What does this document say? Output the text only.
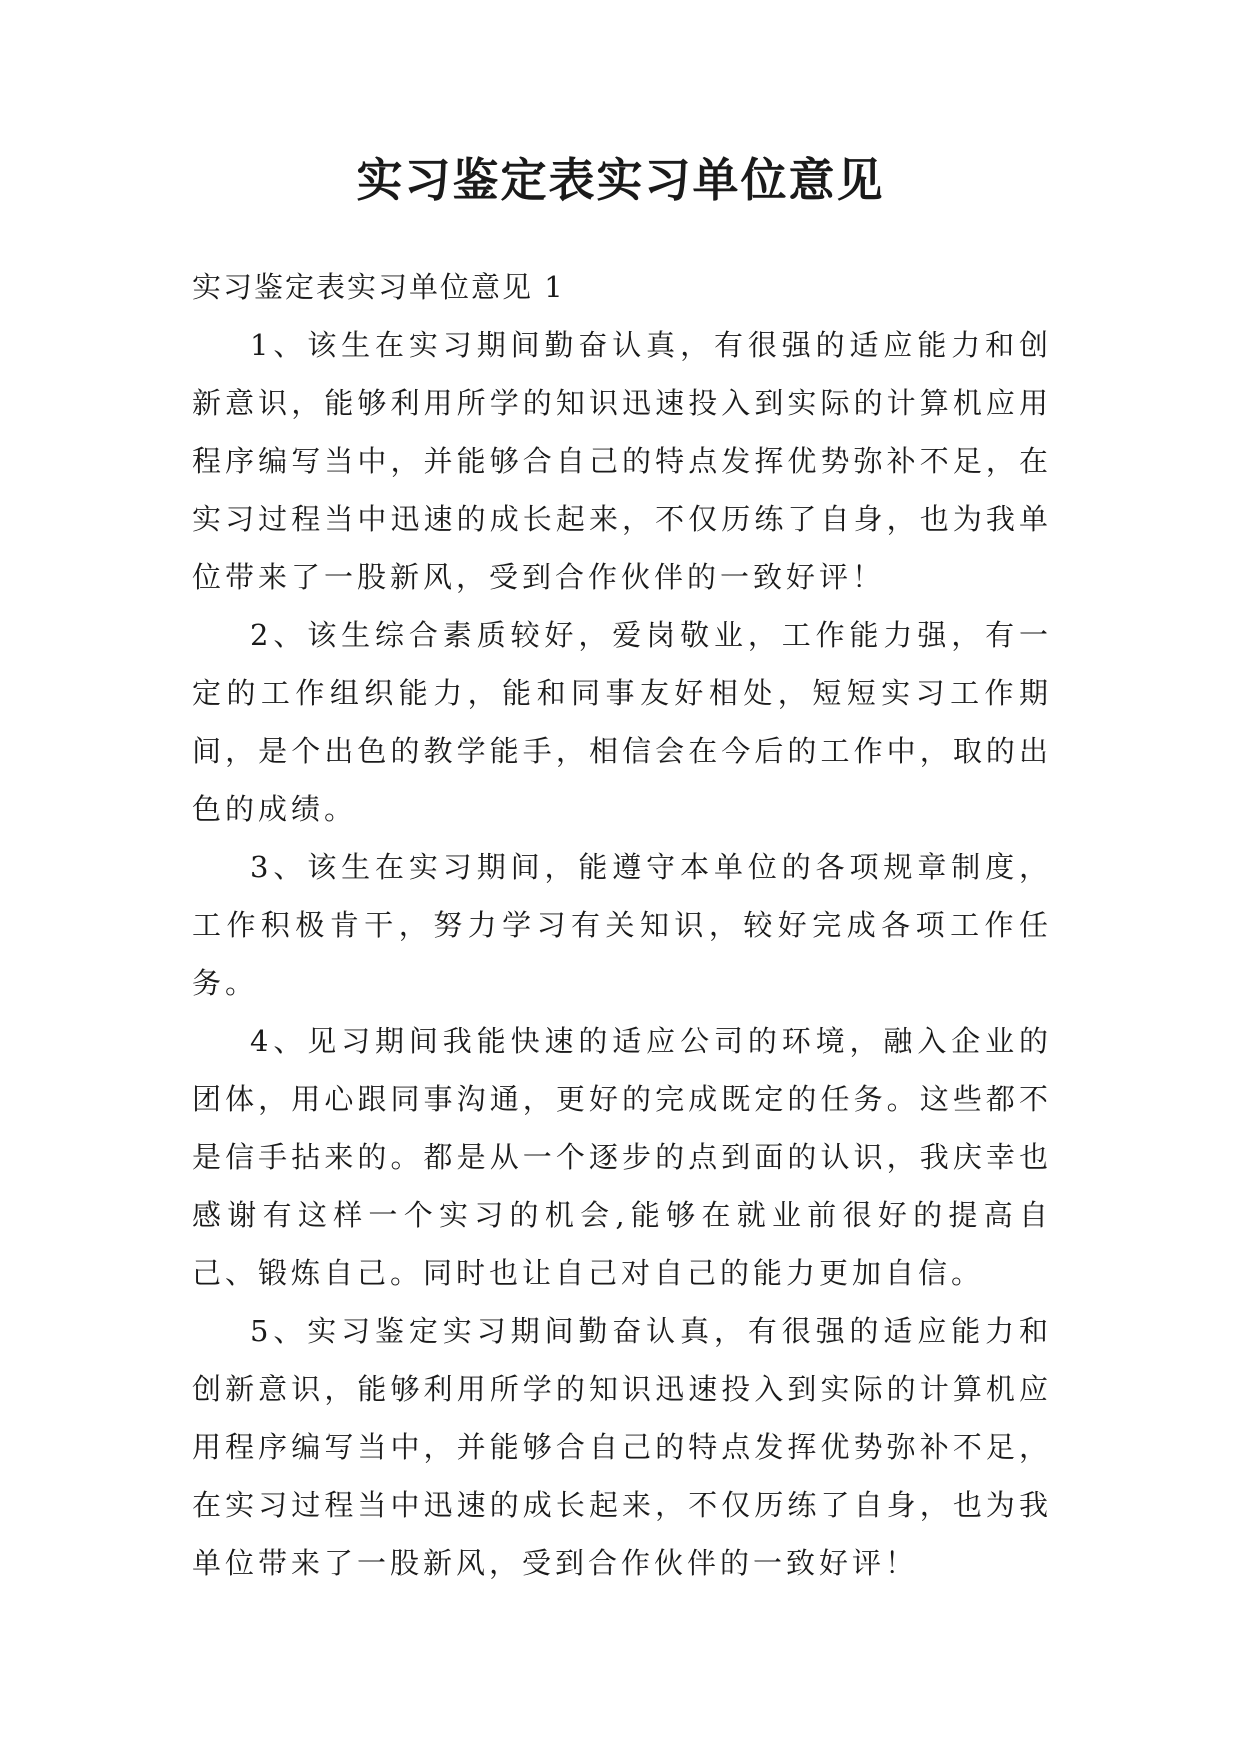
实习鉴定表实习单位意见

实习鉴定表实习单位意见 1

1、该生在实习期间勤奋认真，有很强的适应能力和创新意识，能够利用所学的知识迅速投入到实际的计算机应用程序编写当中，并能够合自己的特点发挥优势弥补不足，在实习过程当中迅速的成长起来，不仅历练了自身，也为我单位带来了一股新风，受到合作伙伴的一致好评！

2、该生综合素质较好，爱岗敬业，工作能力强，有一定的工作组织能力，能和同事友好相处，短短实习工作期间，是个出色的教学能手，相信会在今后的工作中，取的出色的成绩。

3、该生在实习期间，能遵守本单位的各项规章制度，工作积极肯干，努力学习有关知识，较好完成各项工作任务。

4、见习期间我能快速的适应公司的环境，融入企业的团体，用心跟同事沟通，更好的完成既定的任务。这些都不是信手拈来的。都是从一个逐步的点到面的认识，我庆幸也感谢有这样一个实习的机会,能够在就业前很好的提高自己、锻炼自己。同时也让自己对自己的能力更加自信。

5、实习鉴定实习期间勤奋认真，有很强的适应能力和创新意识，能够利用所学的知识迅速投入到实际的计算机应用程序编写当中，并能够合自己的特点发挥优势弥补不足，在实习过程当中迅速的成长起来，不仅历练了自身，也为我单位带来了一股新风，受到合作伙伴的一致好评！
